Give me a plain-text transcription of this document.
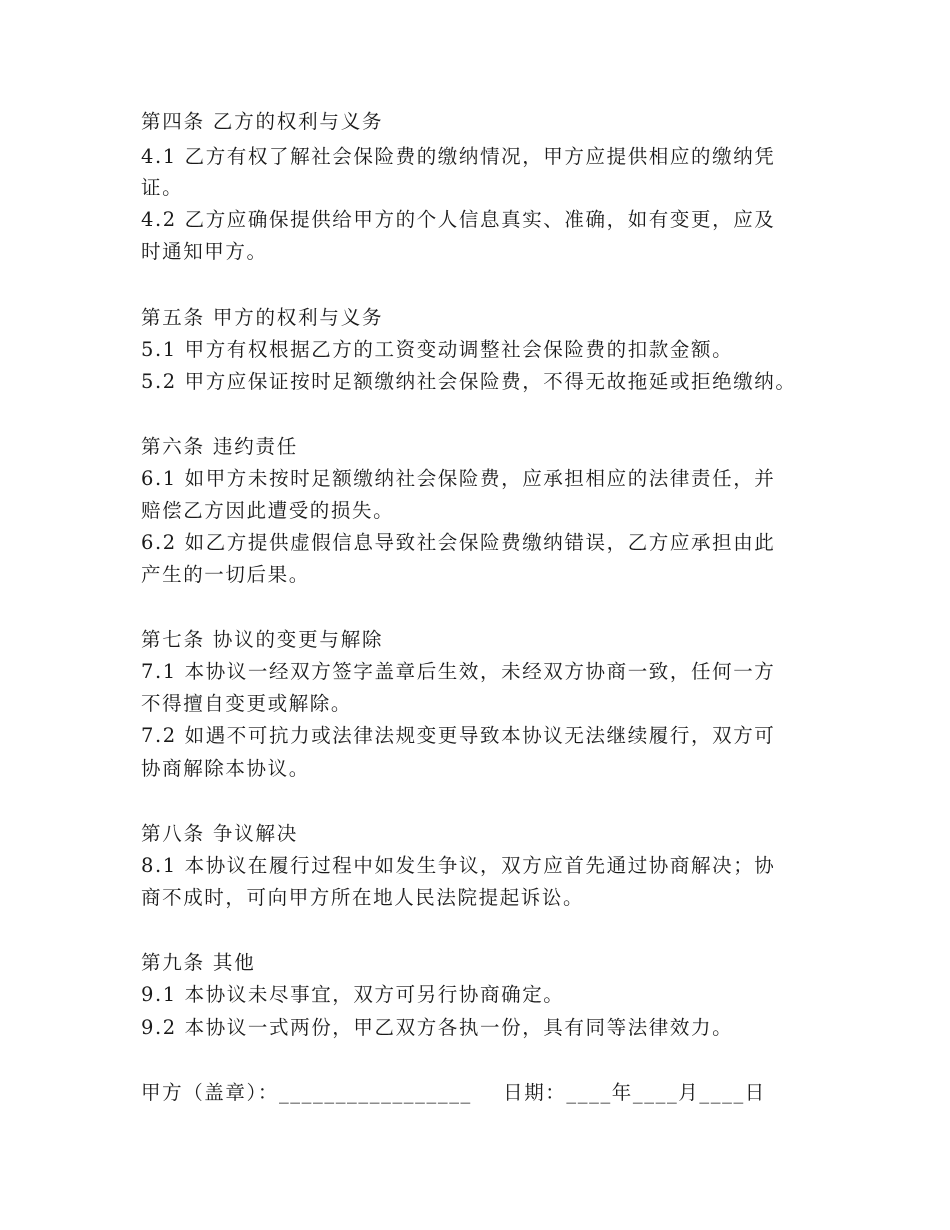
第四条 乙方的权利与义务
4.1 乙方有权了解社会保险费的缴纳情况，甲方应提供相应的缴纳凭
证。
4.2 乙方应确保提供给甲方的个人信息真实、准确，如有变更，应及
时通知甲方。
第五条 甲方的权利与义务
5.1 甲方有权根据乙方的工资变动调整社会保险费的扣款金额。
5.2 甲方应保证按时足额缴纳社会保险费，不得无故拖延或拒绝缴纳。
第六条 违约责任
6.1 如甲方未按时足额缴纳社会保险费，应承担相应的法律责任，并
赔偿乙方因此遭受的损失。
6.2 如乙方提供虚假信息导致社会保险费缴纳错误，乙方应承担由此
产生的一切后果。
第七条 协议的变更与解除
7.1 本协议一经双方签字盖章后生效，未经双方协商一致，任何一方
不得擅自变更或解除。
7.2 如遇不可抗力或法律法规变更导致本协议无法继续履行，双方可
协商解除本协议。
第八条 争议解决
8.1 本协议在履行过程中如发生争议，双方应首先通过协商解决；协
商不成时，可向甲方所在地人民法院提起诉讼。
第九条 其他
9.1 本协议未尽事宜，双方可另行协商确定。
9.2 本协议一式两份，甲乙双方各执一份，具有同等法律效力。
甲方（盖章）：_________________    日期：____年____月____日
